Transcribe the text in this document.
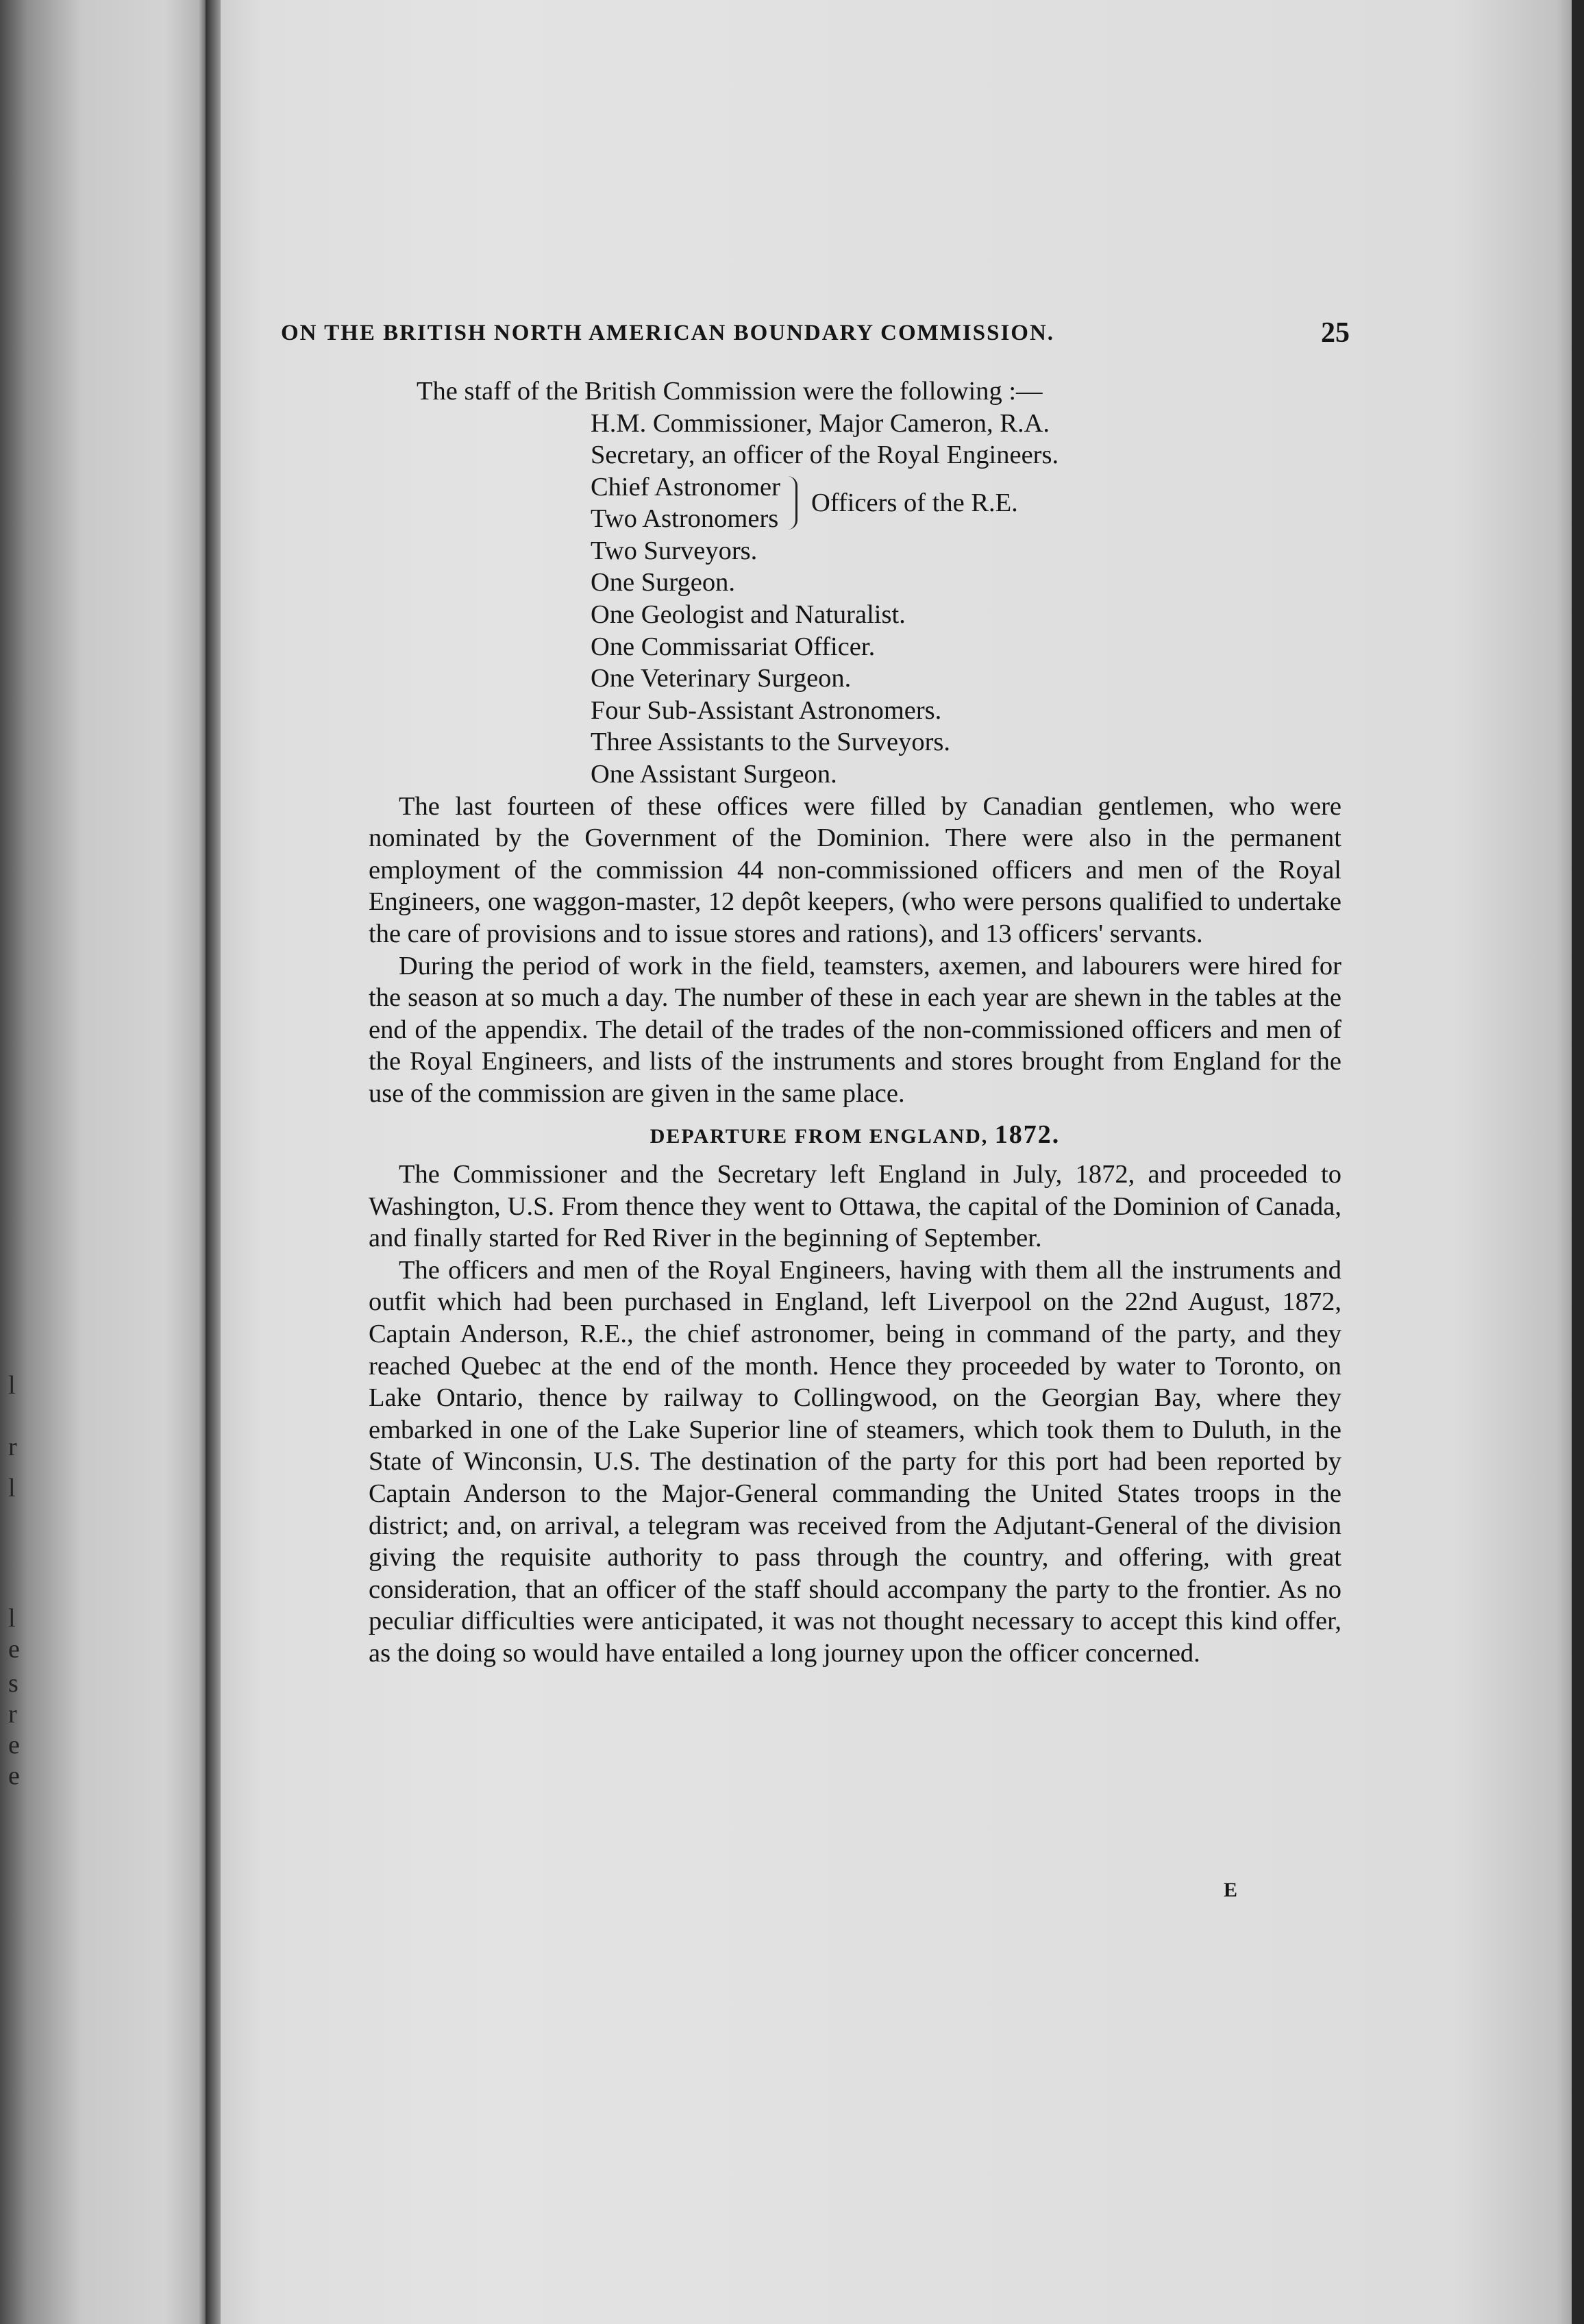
l
r
l
l
e
s
r
e
e
ON THE BRITISH NORTH AMERICAN BOUNDARY COMMISSION.	25

The staff of the British Commission were the following :—

H.M. Commissioner, Major Cameron, R.A.
Secretary, an officer of the Royal Engineers.
Chief Astronomer
Two Astronomers
Officers of the R.E.
Two Surveyors.
One Surgeon.
One Geologist and Naturalist.
One Commissariat Officer.
One Veterinary Surgeon.
Four Sub-Assistant Astronomers.
Three Assistants to the Surveyors.
One Assistant Surgeon.

The last fourteen of these offices were filled by Canadian gentlemen, who were nominated by the Government of the Dominion. There were also in the permanent employment of the commission 44 non-commissioned officers and men of the Royal Engineers, one waggon-master, 12 depôt keepers, (who were persons qualified to undertake the care of provisions and to issue stores and rations), and 13 officers' servants.

During the period of work in the field, teamsters, axemen, and labourers were hired for the season at so much a day. The number of these in each year are shewn in the tables at the end of the appendix. The detail of the trades of the non-commissioned officers and men of the Royal Engineers, and lists of the instruments and stores brought from England for the use of the commission are given in the same place.

DEPARTURE FROM ENGLAND, 1872.

The Commissioner and the Secretary left England in July, 1872, and proceeded to Washington, U.S. From thence they went to Ottawa, the capital of the Dominion of Canada, and finally started for Red River in the beginning of September.

The officers and men of the Royal Engineers, having with them all the instruments and outfit which had been purchased in England, left Liverpool on the 22nd August, 1872, Captain Anderson, R.E., the chief astronomer, being in command of the party, and they reached Quebec at the end of the month. Hence they proceeded by water to Toronto, on Lake Ontario, thence by railway to Collingwood, on the Georgian Bay, where they embarked in one of the Lake Superior line of steamers, which took them to Duluth, in the State of Winconsin, U.S. The destination of the party for this port had been reported by Captain Anderson to the Major-General commanding the United States troops in the district; and, on arrival, a telegram was received from the Adjutant-General of the division giving the requisite authority to pass through the country, and offering, with great consideration, that an officer of the staff should accompany the party to the frontier. As no peculiar difficulties were anticipated, it was not thought necessary to accept this kind offer, as the doing so would have entailed a long journey upon the officer concerned.

E
